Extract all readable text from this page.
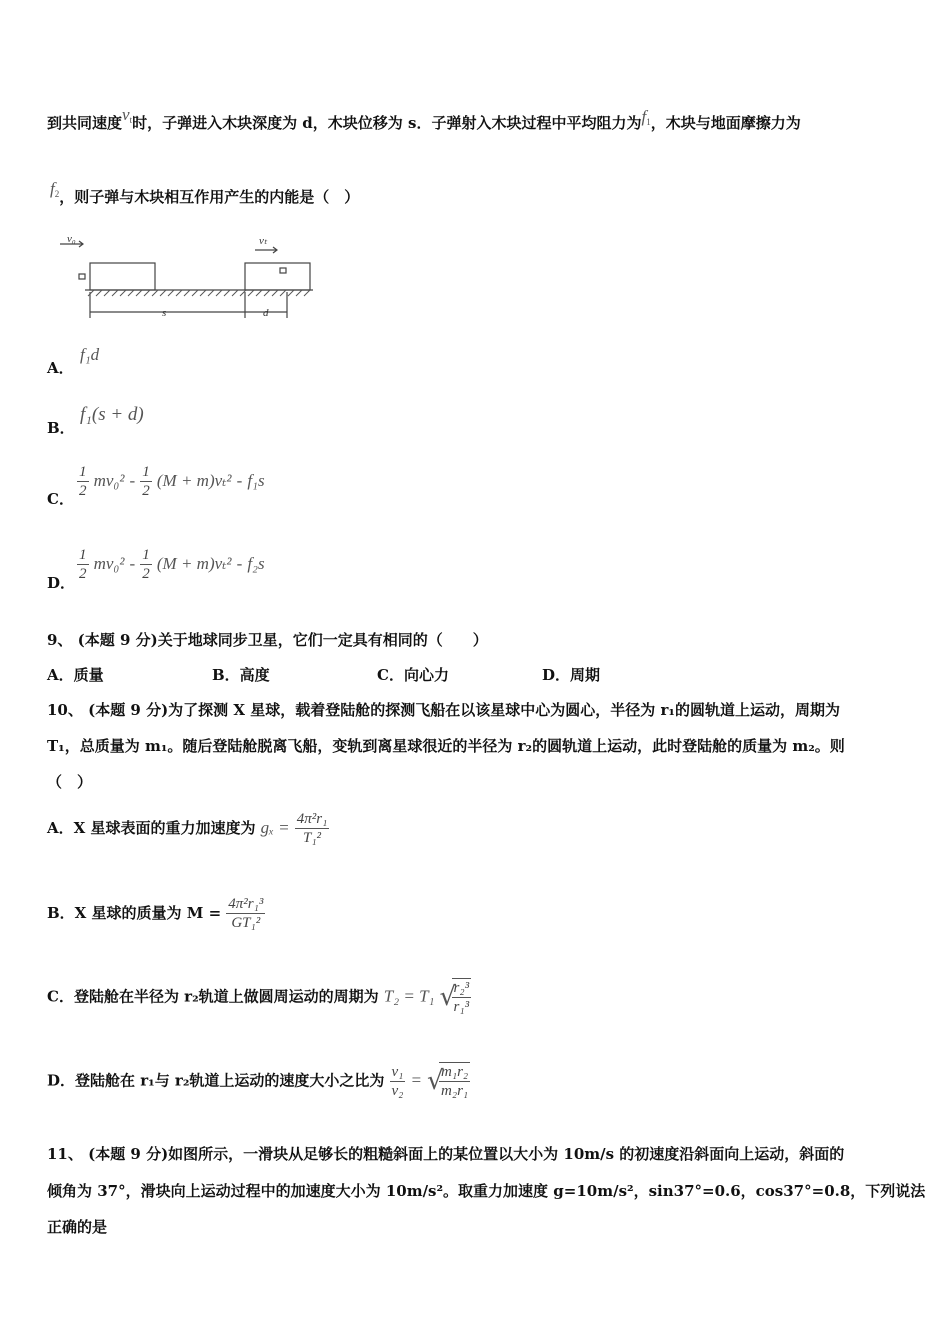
到共同速度$v_t$时，子弹进入木块深度为 d，木块位移为 s．子弹射入木块过程中平均阻力为$f_1$，木块与地面摩擦力为
$f_2$，则子弹与木块相互作用产生的内能是（　）
v₀	vₜ
s	d
A．
f₁d
B．
f₁(s + d)
C． $\frac{1}{2} mv_0^2 - \frac{1}{2} (M + m)v_t^2 - f_1s$
D． $\frac{1}{2} mv_0^2 - \frac{1}{2} (M + m)v_t^2 - f_2s$
9、 (本题 9 分)关于地球同步卫星，它们一定具有相同的（　　）
A．质量	B．高度	C．向心力	D．周期
10、 (本题 9 分)为了探测 X 星球，载着登陆舱的探测飞船在以该星球中心为圆心，半径为 r₁的圆轨道上运动，周期为
T₁，总质量为 m₁。随后登陆舱脱离飞船，变轨到离星球很近的半径为 r₂的圆轨道上运动，此时登陆舱的质量为 m₂。则
（　）
A．X 星球表面的重力加速度为 $g_x = \frac{\text{4π²r₁}}{\text{T₁²}}$
B．X 星球的质量为 $M = \frac{\text{4π²r₁³}}{\text{GT₁²}}$
C．登陆舱在半径为 r₂轨道上做圆周运动的周期为 T₂ = T₁ √
$\frac{\text{r₂³}}{\text{r₁³}}$
D．登陆舱在 r₁与 r₂轨道上运动的速度大小之比为 $\frac{\text{v₁}}{\text{v₂}}$ = √
$\frac{\text{m₁r₂}}{\text{m₂r₁}}$
11、 (本题 9 分)如图所示，一滑块从足够长的粗糙斜面上的某位置以大小为 10m/s 的初速度沿斜面向上运动，斜面的
倾角为 37°，滑块向上运动过程中的加速度大小为 10m/s²。取重力加速度 g=10m/s²，sin37°=0.6，cos37°=0.8，下列说法
正确的是
